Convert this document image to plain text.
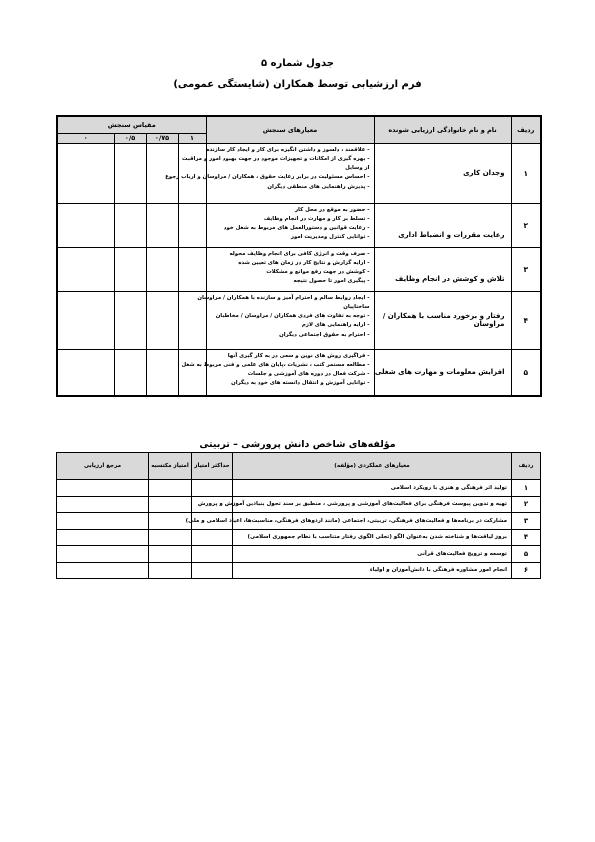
جدول شماره ۵
فرم ارزشیابی توسط همکاران (شایستگی عمومی)
ردیف	نام و نام خانوادگی ارزیابی شونده	معیارهای سنجش	مقیاس سنجش			
			۱	۰/۷۵	۰/۵	۰
۱	وجدان کاری	- علاقمند ، دلسوز و داشتن انگیزه برای کار و ایجاد کار سازنده
- بهره گیری از امکانات و تجهیزات موجود در جهت بهبود امور و مراقبت
از وسایل
- احساس مسئولیت در برابر رعایت حقوق ، همکاران / مراوسان و ارباب رجوع
- پذیرش راهنمایی های منطقی دیگران				

۲	رعایت مقررات و انضباط اداری	- حضور به موقع در محل کار
- تسلط بر کار و مهارت در انجام وظایف
- رعایت قوانین و دستورالعمل های مربوط به شغل خود
- توانایی کنترل ومدیریت امور				

۳	تلاش و کوشش در انجام وظایف	- صرف وقت و انرژی کافی برای انجام وظایف محوله
- ارایه گزارش و نتایج کار در زمان های تعیین شده
- کوشش در جهت رفع موانع و مشکلات
- پیگیری امور تا حصول نتیجه				

۴	رفتار و برخورد مناسب با همکاران /مراوسان	- ایجاد روابط سالم و احترام آمیز و سازنده با همکاران / مراوسان
ساختاپیان
- توجه به تفاوت های فردی همکاران / مراوسان / مخاطبان
- ارایه راهنمایی های لازم
- احترام به حقوق اجتماعی دیگران				

۵	افزایش معلومات و مهارت های شغلی	- فراگیری روش های نوین و سعی در به کار گیری آنها
- مطالعه مستمر کتب ، نشریات ،پایان های علمی و فنی مربوط به شغل
- شرکت فعال در دوره های آموزشی و جلسات
- توانایی آموزش و انتقال دانسته های خود به دیگران				

مؤلفه‌های شاخص دانش پرورشی – تربیتی
ردیف	معیارهای عملکردی (مؤلفه)	حداکثر امتیاز	امتیاز مکتسبه	مرجع ارزیابی
۱	تولید اثر فرهنگی و هنری با رویکرد اسلامی			
۲	تهیه و تدوین پیوست فرهنگی برای فعالیت‌های آموزشی و پرورشی ، منطبق بر سند تحول بنیادین آموزش و پرورش			
۳	مشارکت در برنامه‌ها و فعالیت‌های فرهنگی، تربیتی، اجتماعی (مانند اردوهای فرهنگی، مناسبت‌ها، اعیاد اسلامی و ملی)			
۴	بروز لیاقت‌ها و شناخته شدن به‌عنوان الگو (تجلی الگوی رفتار متناسب با نظام جمهوری اسلامی)			
۵	توسعه و ترویج فعالیت‌های قرآنی			
۶	انجام امور مشاوره فرهنگی با دانش‌آموزان و اولیاء			
